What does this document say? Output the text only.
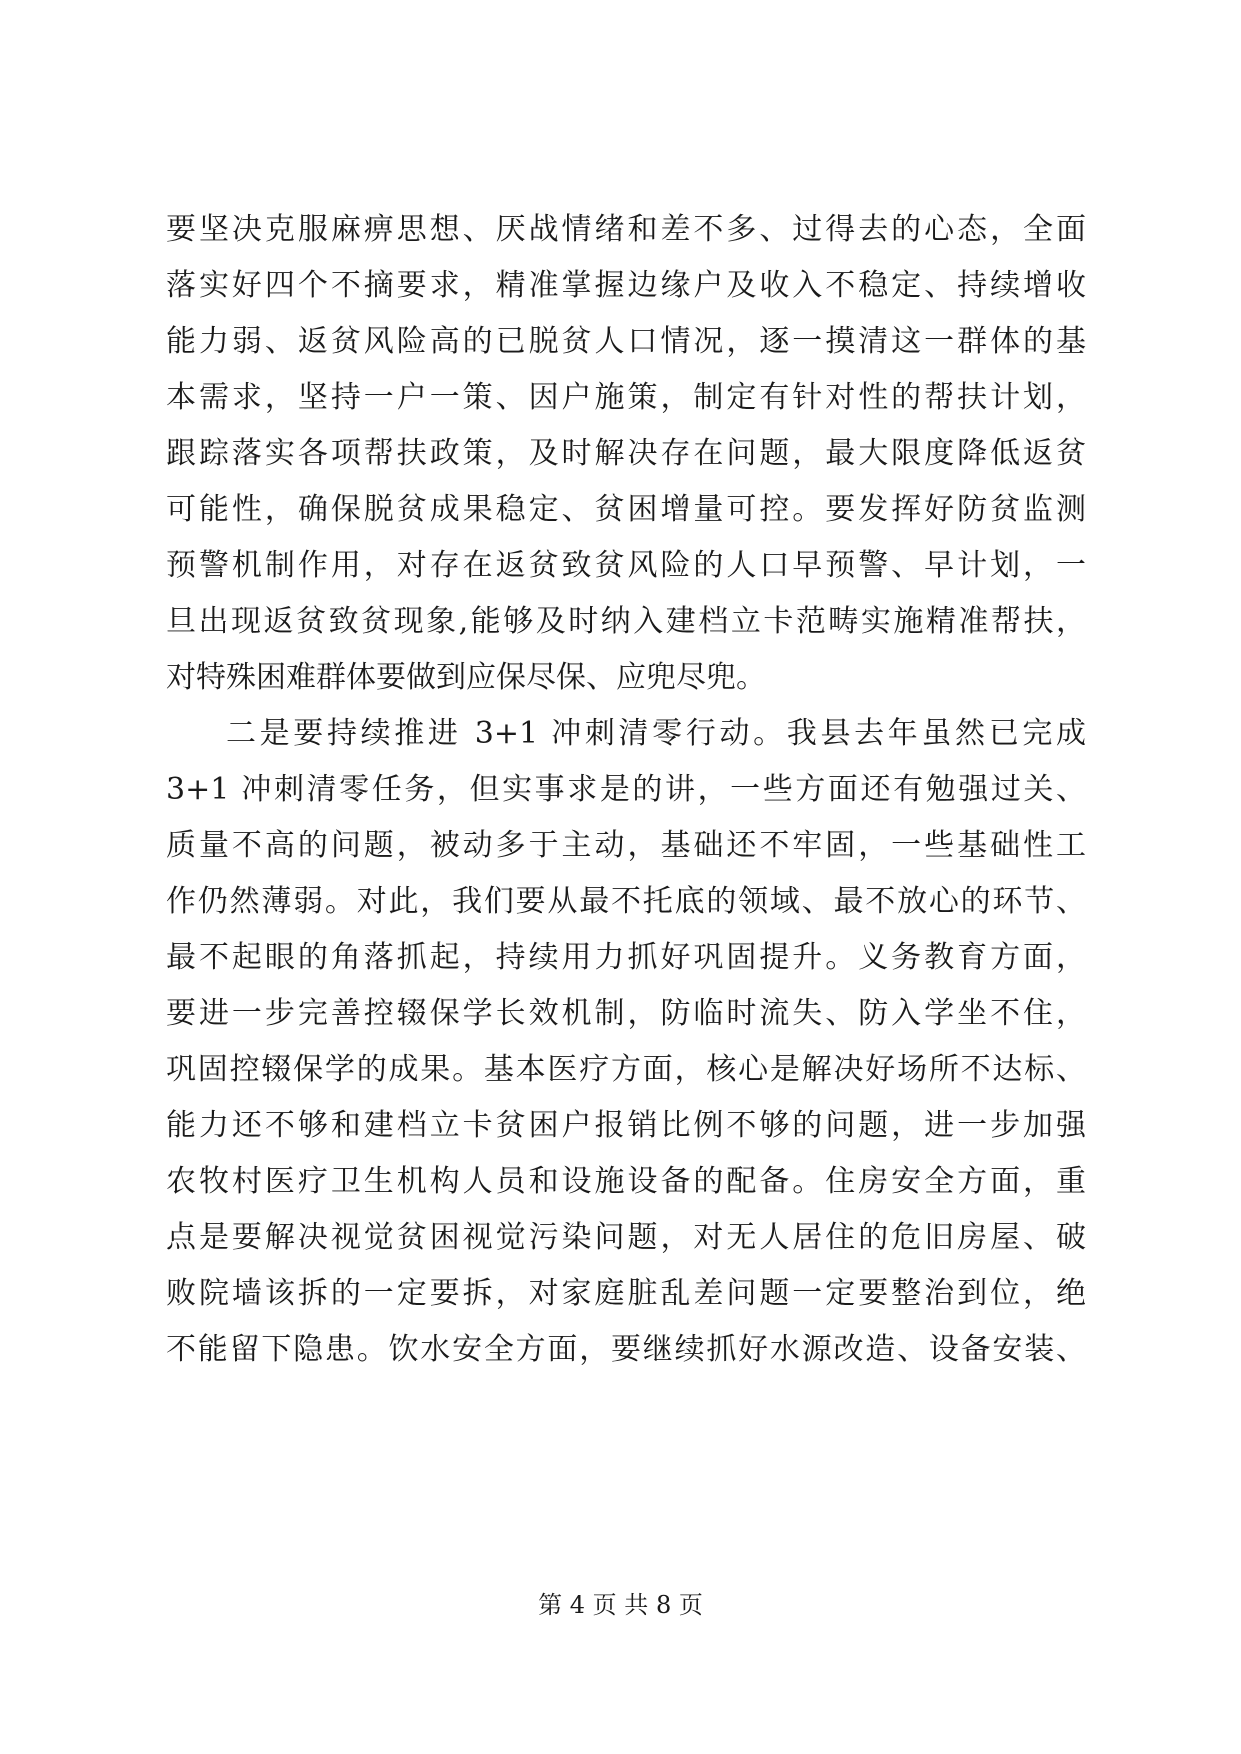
要坚决克服麻痹思想、厌战情绪和差不多、过得去的心态，全面
落实好四个不摘要求，精准掌握边缘户及收入不稳定、持续增收
能力弱、返贫风险高的已脱贫人口情况，逐一摸清这一群体的基
本需求，坚持一户一策、因户施策，制定有针对性的帮扶计划，
跟踪落实各项帮扶政策，及时解决存在问题，最大限度降低返贫
可能性，确保脱贫成果稳定、贫困增量可控。要发挥好防贫监测
预警机制作用，对存在返贫致贫风险的人口早预警、早计划，一
旦出现返贫致贫现象,能够及时纳入建档立卡范畴实施精准帮扶，
对特殊困难群体要做到应保尽保、应兜尽兜。
二是要持续推进 3+1 冲刺清零行动。我县去年虽然已完成
3+1 冲刺清零任务，但实事求是的讲，一些方面还有勉强过关、
质量不高的问题，被动多于主动，基础还不牢固，一些基础性工
作仍然薄弱。对此，我们要从最不托底的领域、最不放心的环节、
最不起眼的角落抓起，持续用力抓好巩固提升。义务教育方面，
要进一步完善控辍保学长效机制，防临时流失、防入学坐不住，
巩固控辍保学的成果。基本医疗方面，核心是解决好场所不达标、
能力还不够和建档立卡贫困户报销比例不够的问题，进一步加强
农牧村医疗卫生机构人员和设施设备的配备。住房安全方面，重
点是要解决视觉贫困视觉污染问题，对无人居住的危旧房屋、破
败院墙该拆的一定要拆，对家庭脏乱差问题一定要整治到位，绝
不能留下隐患。饮水安全方面，要继续抓好水源改造、设备安装、
第 4 页 共 8 页
